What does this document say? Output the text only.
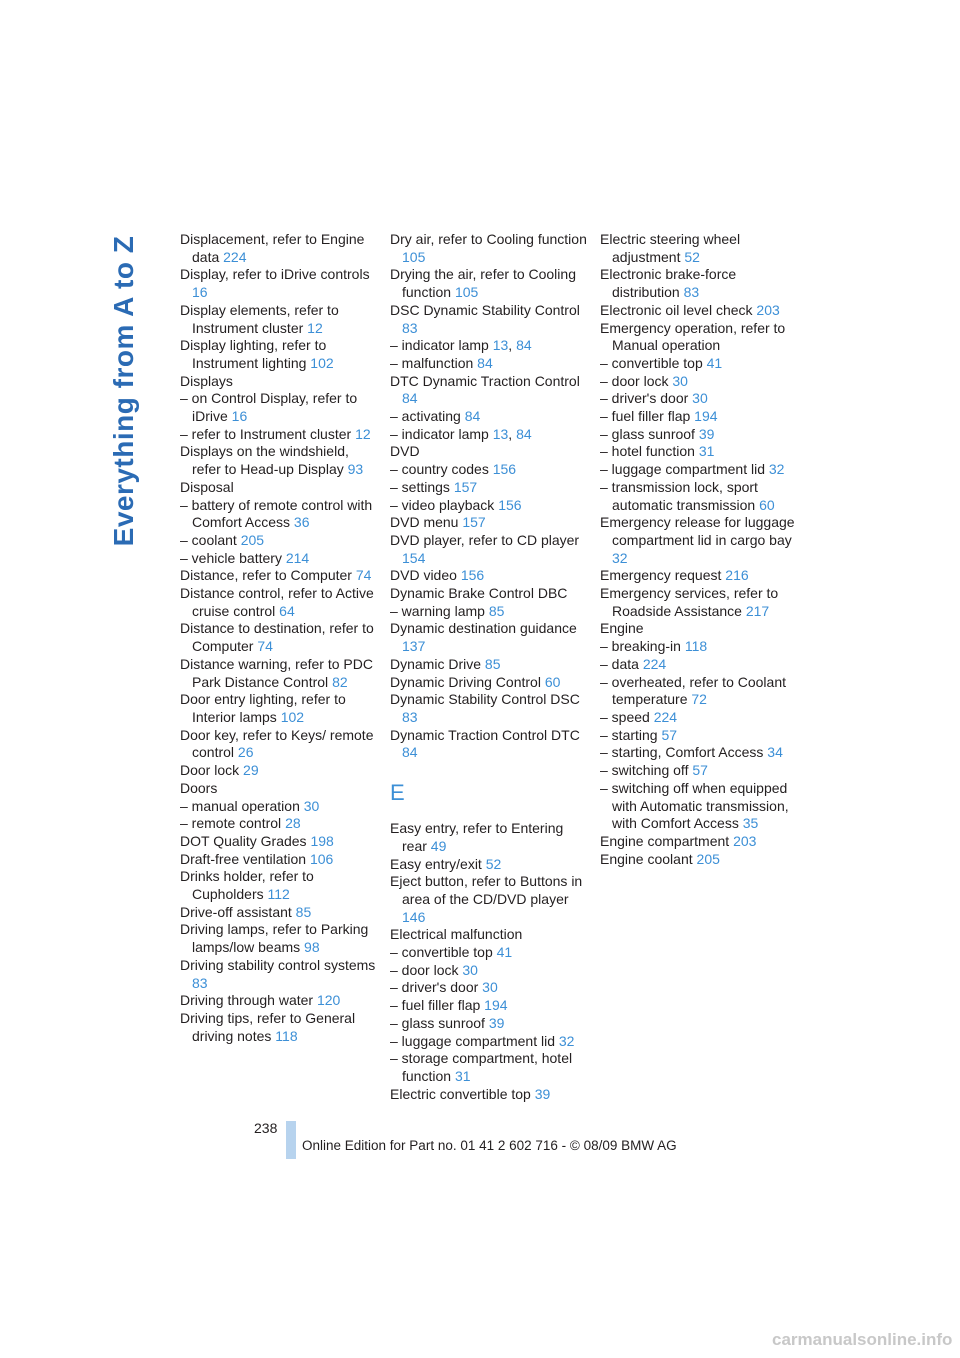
Everything from A to Z	Displacement, refer to Engine data 224
Display, refer to iDrive controls 16
Display elements, refer to Instrument cluster 12
Display lighting, refer to Instrument lighting 102
Displays
– on Control Display, refer to iDrive 16
– refer to Instrument cluster 12
Displays on the windshield, refer to Head-up Display 93
Disposal
– battery of remote control with Comfort Access 36
– coolant 205
– vehicle battery 214
Distance, refer to Computer 74
Distance control, refer to Active cruise control 64
Distance to destination, refer to Computer 74
Distance warning, refer to PDC Park Distance Control 82
Door entry lighting, refer to Interior lamps 102
Door key, refer to Keys/ remote control 26
Door lock 29
Doors
– manual operation 30
– remote control 28
DOT Quality Grades 198
Draft-free ventilation 106
Drinks holder, refer to Cupholders 112
Drive-off assistant 85
Driving lamps, refer to Parking lamps/low beams 98
Driving stability control systems 83
Driving through water 120
Driving tips, refer to General driving notes 118
Dry air, refer to Cooling function 105
Drying the air, refer to Cooling function 105
DSC Dynamic Stability Control 83
– indicator lamp 13, 84
– malfunction 84
DTC Dynamic Traction Control 84
– activating 84
– indicator lamp 13, 84
DVD
– country codes 156
– settings 157
– video playback 156
DVD menu 157
DVD player, refer to CD player 154
DVD video 156
Dynamic Brake Control DBC
– warning lamp 85
Dynamic destination guidance 137
Dynamic Drive 85
Dynamic Driving Control 60
Dynamic Stability Control DSC 83
Dynamic Traction Control DTC 84
E
Easy entry, refer to Entering rear 49
Easy entry/exit 52
Eject button, refer to Buttons in area of the CD/DVD player 146
Electrical malfunction
– convertible top 41
– door lock 30
– driver's door 30
– fuel filler flap 194
– glass sunroof 39
– luggage compartment lid 32
– storage compartment, hotel function 31
Electric convertible top 39
Electric steering wheel adjustment 52
Electronic brake-force distribution 83
Electronic oil level check 203
Emergency operation, refer to Manual operation
– convertible top 41
– door lock 30
– driver's door 30
– fuel filler flap 194
– glass sunroof 39
– hotel function 31
– luggage compartment lid 32
– transmission lock, sport automatic transmission 60
Emergency release for luggage compartment lid in cargo bay 32
Emergency request 216
Emergency services, refer to Roadside Assistance 217
Engine
– breaking-in 118
– data 224
– overheated, refer to Coolant temperature 72
– speed 224
– starting 57
– starting, Comfort Access 34
– switching off 57
– switching off when equipped with Automatic transmission, with Comfort Access 35
Engine compartment 203
Engine coolant 205
238
Online Edition for Part no. 01 41 2 602 716 - © 08/09 BMW AG
carmanualsonline.info
